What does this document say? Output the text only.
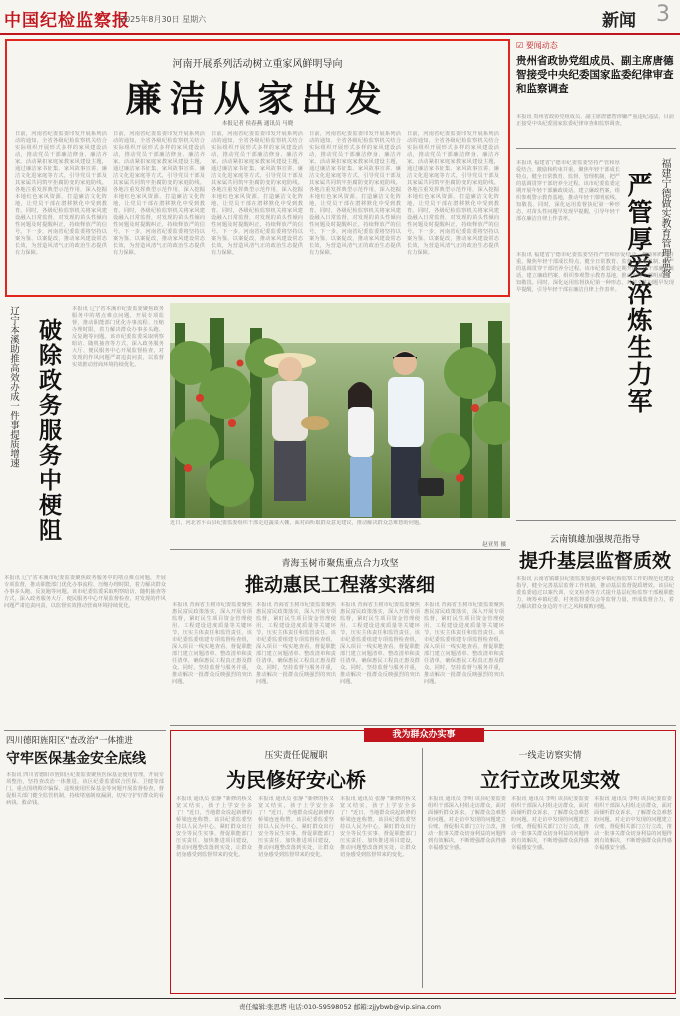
中国纪检监察报
2025年8月30日 星期六	新闻 3
河南开展系列活动树立重家风鲜明导向
廉洁从家出发
本报记者 侯春燕 通讯员 马晓
日前，河南省纪委监委印发开展系列活动的通知，全省各级纪检监察机关结合实际组织开展形式多样的家风建设活动，推动党员干部廉洁修身、廉洁齐家。活动紧扣家庭家教家风建设主题，通过廉洁家书征集、家风故事宣讲、廉洁文化进家庭等方式，引导党员干部及其家属共同筑牢拒腐防变的家庭防线。各地注重发挥典型示范作用，深入挖掘本地红色家风资源，打造廉洁文化阵地，让党员干部在潜移默化中受到教育。同时，各级纪检监察机关将家风建设融入日常监督，对发现的苗头性倾向性问题及时提醒纠正，持续释放严的信号。下一步，河南省纪委监委将坚持以案为鉴、以案促改，推动家风建设常态长效，为营造风清气正的政治生态提供有力保障。
日前，河南省纪委监委印发开展系列活动的通知，全省各级纪检监察机关结合实际组织开展形式多样的家风建设活动，推动党员干部廉洁修身、廉洁齐家。活动紧扣家庭家教家风建设主题，通过廉洁家书征集、家风故事宣讲、廉洁文化进家庭等方式，引导党员干部及其家属共同筑牢拒腐防变的家庭防线。各地注重发挥典型示范作用，深入挖掘本地红色家风资源，打造廉洁文化阵地，让党员干部在潜移默化中受到教育。同时，各级纪检监察机关将家风建设融入日常监督，对发现的苗头性倾向性问题及时提醒纠正，持续释放严的信号。下一步，河南省纪委监委将坚持以案为鉴、以案促改，推动家风建设常态长效，为营造风清气正的政治生态提供有力保障。
日前，河南省纪委监委印发开展系列活动的通知，全省各级纪检监察机关结合实际组织开展形式多样的家风建设活动，推动党员干部廉洁修身、廉洁齐家。活动紧扣家庭家教家风建设主题，通过廉洁家书征集、家风故事宣讲、廉洁文化进家庭等方式，引导党员干部及其家属共同筑牢拒腐防变的家庭防线。各地注重发挥典型示范作用，深入挖掘本地红色家风资源，打造廉洁文化阵地，让党员干部在潜移默化中受到教育。同时，各级纪检监察机关将家风建设融入日常监督，对发现的苗头性倾向性问题及时提醒纠正，持续释放严的信号。下一步，河南省纪委监委将坚持以案为鉴、以案促改，推动家风建设常态长效，为营造风清气正的政治生态提供有力保障。
日前，河南省纪委监委印发开展系列活动的通知，全省各级纪检监察机关结合实际组织开展形式多样的家风建设活动，推动党员干部廉洁修身、廉洁齐家。活动紧扣家庭家教家风建设主题，通过廉洁家书征集、家风故事宣讲、廉洁文化进家庭等方式，引导党员干部及其家属共同筑牢拒腐防变的家庭防线。各地注重发挥典型示范作用，深入挖掘本地红色家风资源，打造廉洁文化阵地，让党员干部在潜移默化中受到教育。同时，各级纪检监察机关将家风建设融入日常监督，对发现的苗头性倾向性问题及时提醒纠正，持续释放严的信号。下一步，河南省纪委监委将坚持以案为鉴、以案促改，推动家风建设常态长效，为营造风清气正的政治生态提供有力保障。
日前，河南省纪委监委印发开展系列活动的通知，全省各级纪检监察机关结合实际组织开展形式多样的家风建设活动，推动党员干部廉洁修身、廉洁齐家。活动紧扣家庭家教家风建设主题，通过廉洁家书征集、家风故事宣讲、廉洁文化进家庭等方式，引导党员干部及其家属共同筑牢拒腐防变的家庭防线。各地注重发挥典型示范作用，深入挖掘本地红色家风资源，打造廉洁文化阵地，让党员干部在潜移默化中受到教育。同时，各级纪检监察机关将家风建设融入日常监督，对发现的苗头性倾向性问题及时提醒纠正，持续释放严的信号。下一步，河南省纪委监委将坚持以案为鉴、以案促改，推动家风建设常态长效，为营造风清气正的政治生态提供有力保障。
☑ 要闻动态
贵州省政协党组成员、副主席唐德智接受中央纪委国家监委纪律审查和监察调查
本报讯 贵州省政协党组成员、副主席唐德智涉嫌严重违纪违法，目前正接受中央纪委国家监委纪律审查和监察调查。
福建宁德做实教育管理监督
严管厚爱淬炼生力军
本报讯 福建省宁德市纪委监委坚持严管和厚爱结合、激励和约束并重，聚焦年轻干部成长特点，健全日常教育、监督、管理机制，把严的基调贯穿干部培养全过程。该市纪委监委定期开展年轻干部廉政谈话，建立廉政档案，组织参观警示教育基地，推动年轻干部明底线、知敬畏。同时，深化运用监督执纪第一种形态，对苗头性问题早发现早提醒，引导年轻干部在廉洁自律上作表率。
本报讯 福建省宁德市纪委监委坚持严管和厚爱结合、激励和约束并重，聚焦年轻干部成长特点，健全日常教育、监督、管理机制，把严的基调贯穿干部培养全过程。该市纪委监委定期开展年轻干部廉政谈话，建立廉政档案，组织参观警示教育基地，推动年轻干部明底线、知敬畏。同时，深化运用监督执纪第一种形态，对苗头性问题早发现早提醒，引导年轻干部在廉洁自律上作表率。
云南镇雄加强规范指导
提升基层监督质效
本报讯 云南省镇雄县纪委监委加强对乡镇纪检监察工作的规范化建设指导，健全完善基层监督工作机制，推动基层监督提质增效。该县纪委监委通过以案代训、交叉检查等方式提升基层纪检监察干部履职能力，统筹乡镇纪委、村务监督委员会等监督力量，形成监督合力，着力解决群众身边的不正之风和腐败问题。
辽宁本溪助推高效办成一件事提质增速 破除政务服务中梗阻
本报讯 辽宁省本溪市纪委监委聚焦政务服务中的堵点难点问题，开展专项监督，推动职能部门优化办事流程、压缩办理时限，着力解决群众办事多头跑、反复跑等问题。该市纪委监委采取明察暗访、随机抽查等方式，深入政务服务大厅、便民服务中心开展监督检查，对发现的作风问题严肃追责问责，以监督实效推动营商环境持续优化。
本报讯 辽宁省本溪市纪委监委聚焦政务服务中的堵点难点问题，开展专项监督，推动职能部门优化办事流程、压缩办理时限，着力解决群众办事多头跑、反复跑等问题。该市纪委监委采取明察暗访、随机抽查等方式，深入政务服务大厅、便民服务中心开展监督检查，对发现的作风问题严肃追责问责，以监督实效推动营商环境持续优化。
近日，河北省平山县纪委监委组织干部走进蔬菜大棚，面对面听取群众意见建议，推动解决群众急难愁盼问题。
赵亚男 摄
青海玉树市聚焦重点合力攻坚
推动惠民工程落实落细
本报讯 青海省玉树市纪委监委聚焦惠民富民政策落实，深入开展专项监督，紧盯民生项目资金管理使用、工程建设进度质量等关键环节，压实主体责任和监管责任。该市纪委监委组建专项监督检查组，深入项目一线实地查看，督促职能部门建立问题清单、整改清单和责任清单，确保惠民工程真正惠及群众。同时，坚持监督与服务并重，推动解决一批群众反映强烈的突出问题。
本报讯 青海省玉树市纪委监委聚焦惠民富民政策落实，深入开展专项监督，紧盯民生项目资金管理使用、工程建设进度质量等关键环节，压实主体责任和监管责任。该市纪委监委组建专项监督检查组，深入项目一线实地查看，督促职能部门建立问题清单、整改清单和责任清单，确保惠民工程真正惠及群众。同时，坚持监督与服务并重，推动解决一批群众反映强烈的突出问题。
本报讯 青海省玉树市纪委监委聚焦惠民富民政策落实，深入开展专项监督，紧盯民生项目资金管理使用、工程建设进度质量等关键环节，压实主体责任和监管责任。该市纪委监委组建专项监督检查组，深入项目一线实地查看，督促职能部门建立问题清单、整改清单和责任清单，确保惠民工程真正惠及群众。同时，坚持监督与服务并重，推动解决一批群众反映强烈的突出问题。
本报讯 青海省玉树市纪委监委聚焦惠民富民政策落实，深入开展专项监督，紧盯民生项目资金管理使用、工程建设进度质量等关键环节，压实主体责任和监管责任。该市纪委监委组建专项监督检查组，深入项目一线实地查看，督促职能部门建立问题清单、整改清单和责任清单，确保惠民工程真正惠及群众。同时，坚持监督与服务并重，推动解决一批群众反映强烈的突出问题。
四川德阳旌阳区"查改治"一体推进
守牢医保基金安全底线
本报讯 四川省德阳市旌阳区纪委监委聚焦医保基金使用管理，开展专项整治，坚持查改治一体推进。该区纪委监委联合医保、卫健等部门，重点围绕欺诈骗保、违规使用医保基金等问题开展监督检查，督促相关部门健全监管机制，持续堵塞制度漏洞，切实守护好群众的看病钱、救命钱。
我为群众办实事
压实责任促履职
为民修好安心桥
本报讯 通讯员 张静 "新修的桥又宽又结实，孩子上学安全多了！"近日，当地群众说起新修的桥梁连连称赞。该县纪委监委坚持以人民为中心，紧盯群众出行安全等民生实事，督促职能部门压实责任、加快推进项目建设，推动问题整改落到实处，让群众切身感受到监督带来的变化。
本报讯 通讯员 张静 "新修的桥又宽又结实，孩子上学安全多了！"近日，当地群众说起新修的桥梁连连称赞。该县纪委监委坚持以人民为中心，紧盯群众出行安全等民生实事，督促职能部门压实责任、加快推进项目建设，推动问题整改落到实处，让群众切身感受到监督带来的变化。
本报讯 通讯员 张静 "新修的桥又宽又结实，孩子上学安全多了！"近日，当地群众说起新修的桥梁连连称赞。该县纪委监委坚持以人民为中心，紧盯群众出行安全等民生实事，督促职能部门压实责任、加快推进项目建设，推动问题整改落到实处，让群众切身感受到监督带来的变化。
一线走访察实情
立行立改见实效
本报讯 通讯员 李明 该县纪委监委组织干部深入村组走访群众，面对面倾听群众诉求，了解群众急难愁盼问题。对走访中发现的问题建立台账，督促相关部门立行立改，推动一批事关群众切身利益的问题得到有效解决，不断增强群众获得感幸福感安全感。
本报讯 通讯员 李明 该县纪委监委组织干部深入村组走访群众，面对面倾听群众诉求，了解群众急难愁盼问题。对走访中发现的问题建立台账，督促相关部门立行立改，推动一批事关群众切身利益的问题得到有效解决，不断增强群众获得感幸福感安全感。
本报讯 通讯员 李明 该县纪委监委组织干部深入村组走访群众，面对面倾听群众诉求，了解群众急难愁盼问题。对走访中发现的问题建立台账，督促相关部门立行立改，推动一批事关群众切身利益的问题得到有效解决，不断增强群众获得感幸福感安全感。
责任编辑:张思塔 电话:010-59598052 邮箱:zjjybwb@vip.sina.com
